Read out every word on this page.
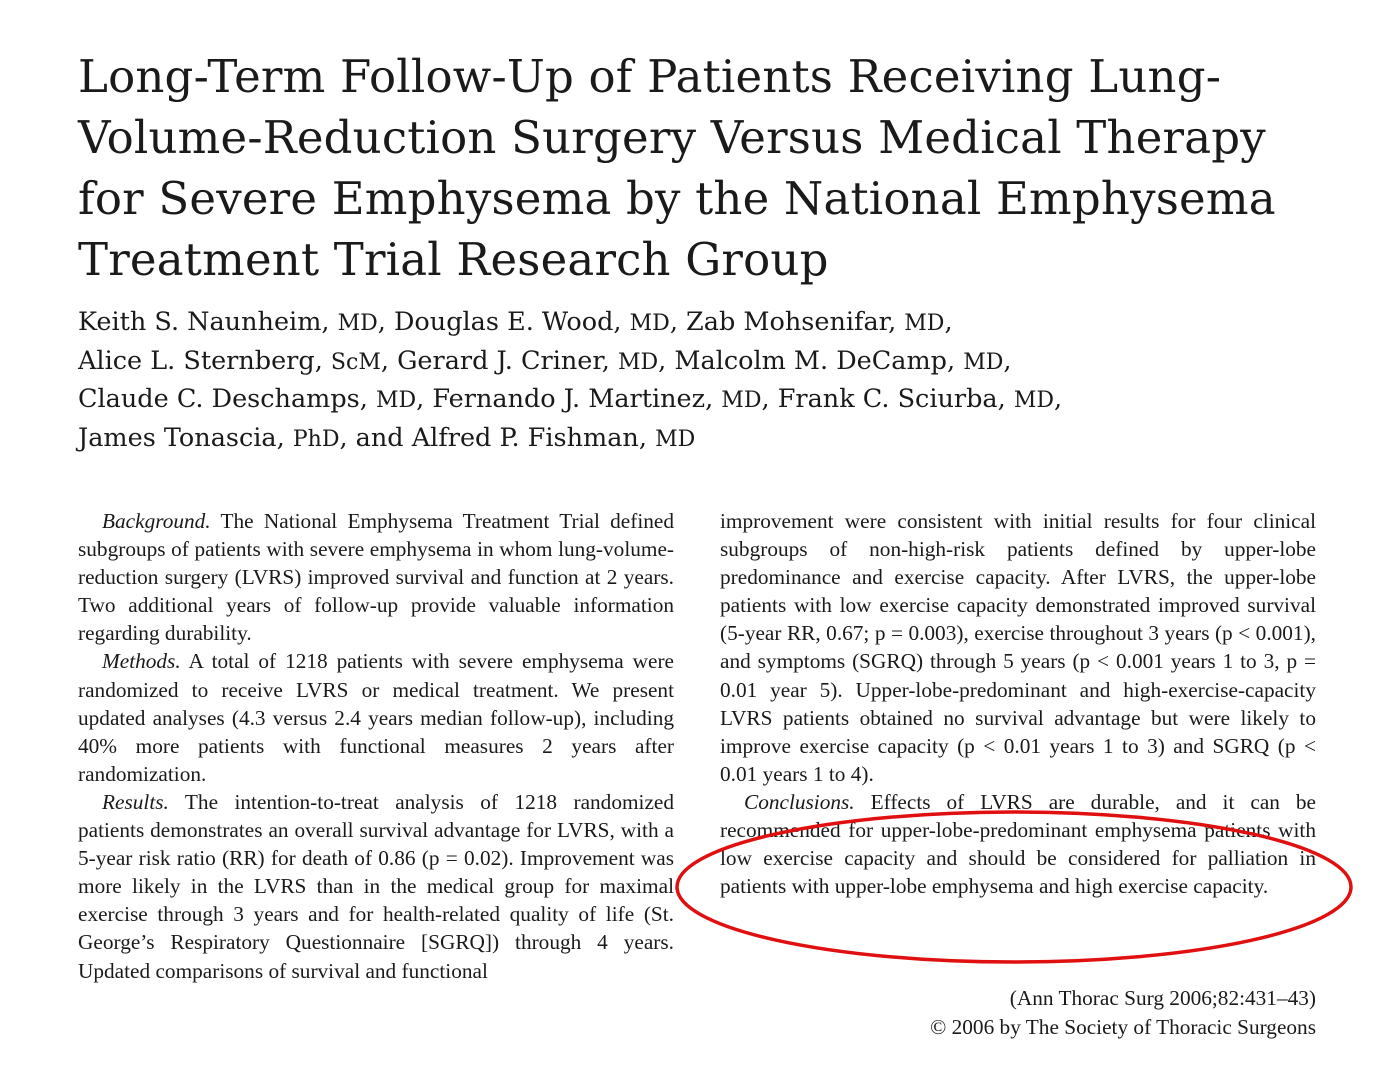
Long-Term Follow-Up of Patients Receiving Lung-Volume-Reduction Surgery Versus Medical Therapy for Severe Emphysema by the National Emphysema Treatment Trial Research Group
Keith S. Naunheim, MD, Douglas E. Wood, MD, Zab Mohsenifar, MD,
Alice L. Sternberg, ScM, Gerard J. Criner, MD, Malcolm M. DeCamp, MD,
Claude C. Deschamps, MD, Fernando J. Martinez, MD, Frank C. Sciurba, MD,
James Tonascia, PhD, and Alfred P. Fishman, MD

Background. The National Emphysema Treatment Trial defined subgroups of patients with severe emphysema in whom lung-volume-reduction surgery (LVRS) improved survival and function at 2 years. Two additional years of follow-up provide valuable information regarding durability.

Methods. A total of 1218 patients with severe emphysema were randomized to receive LVRS or medical treatment. We present updated analyses (4.3 versus 2.4 years median follow-up), including 40% more patients with functional measures 2 years after randomization.

Results. The intention-to-treat analysis of 1218 randomized patients demonstrates an overall survival advantage for LVRS, with a 5-year risk ratio (RR) for death of 0.86 (p = 0.02). Improvement was more likely in the LVRS than in the medical group for maximal exercise through 3 years and for health-related quality of life (St. George’s Respiratory Questionnaire [SGRQ]) through 4 years. Updated comparisons of survival and functional

improvement were consistent with initial results for four clinical subgroups of non-high-risk patients defined by upper-lobe predominance and exercise capacity. After LVRS, the upper-lobe patients with low exercise capacity demonstrated improved survival (5-year RR, 0.67; p = 0.003), exercise throughout 3 years (p < 0.001), and symptoms (SGRQ) through 5 years (p < 0.001 years 1 to 3, p = 0.01 year 5). Upper-lobe-predominant and high-exercise-capacity LVRS patients obtained no survival advantage but were likely to improve exercise capacity (p < 0.01 years 1 to 3) and SGRQ (p < 0.01 years 1 to 4).

Conclusions. Effects of LVRS are durable, and it can be recommended for upper-lobe-predominant emphysema patients with low exercise capacity and should be considered for palliation in patients with upper-lobe emphysema and high exercise capacity.

(Ann Thorac Surg 2006;82:431–43)
© 2006 by The Society of Thoracic Surgeons
